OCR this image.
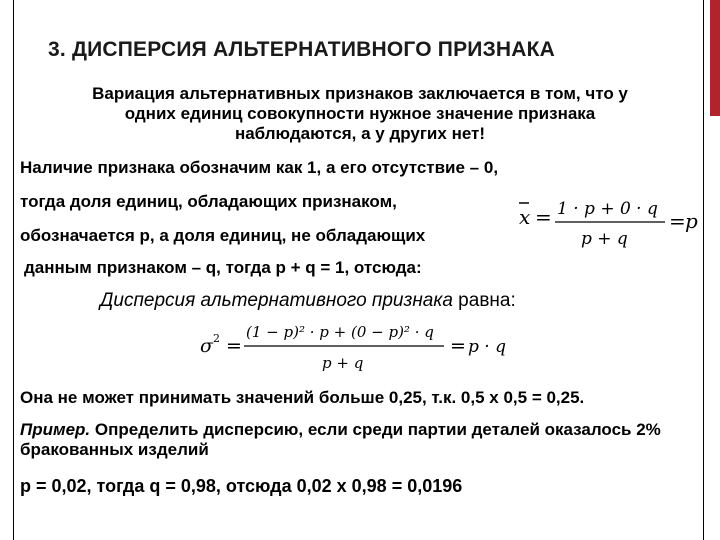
3. ДИСПЕРСИЯ АЛЬТЕРНАТИВНОГО ПРИЗНАКА
Вариация альтернативных признаков заключается в том, что у
одних единиц совокупности нужное значение признака
наблюдаются, а у других нет!
Наличие признака обозначим как 1, а его отсутствие – 0,
тогда доля единиц, обладающих признаком,
обозначается р, а доля единиц, не обладающих
данным признаком – q, тогда p + q = 1, отсюда:
x = 1 · p + 0 · q
p + q
= p
Дисперсия альтернативного признака равна:
σ 2 =
(1 − p)² · p + (0 − p)² · q
p + q
= p · q
Она не может принимать значений больше 0,25, т.к. 0,5 х 0,5 = 0,25.
Пример. Определить дисперсию, если среди партии деталей оказалось 2% бракованных изделий
р = 0,02, тогда q = 0,98, отсюда 0,02 х 0,98 = 0,0196
